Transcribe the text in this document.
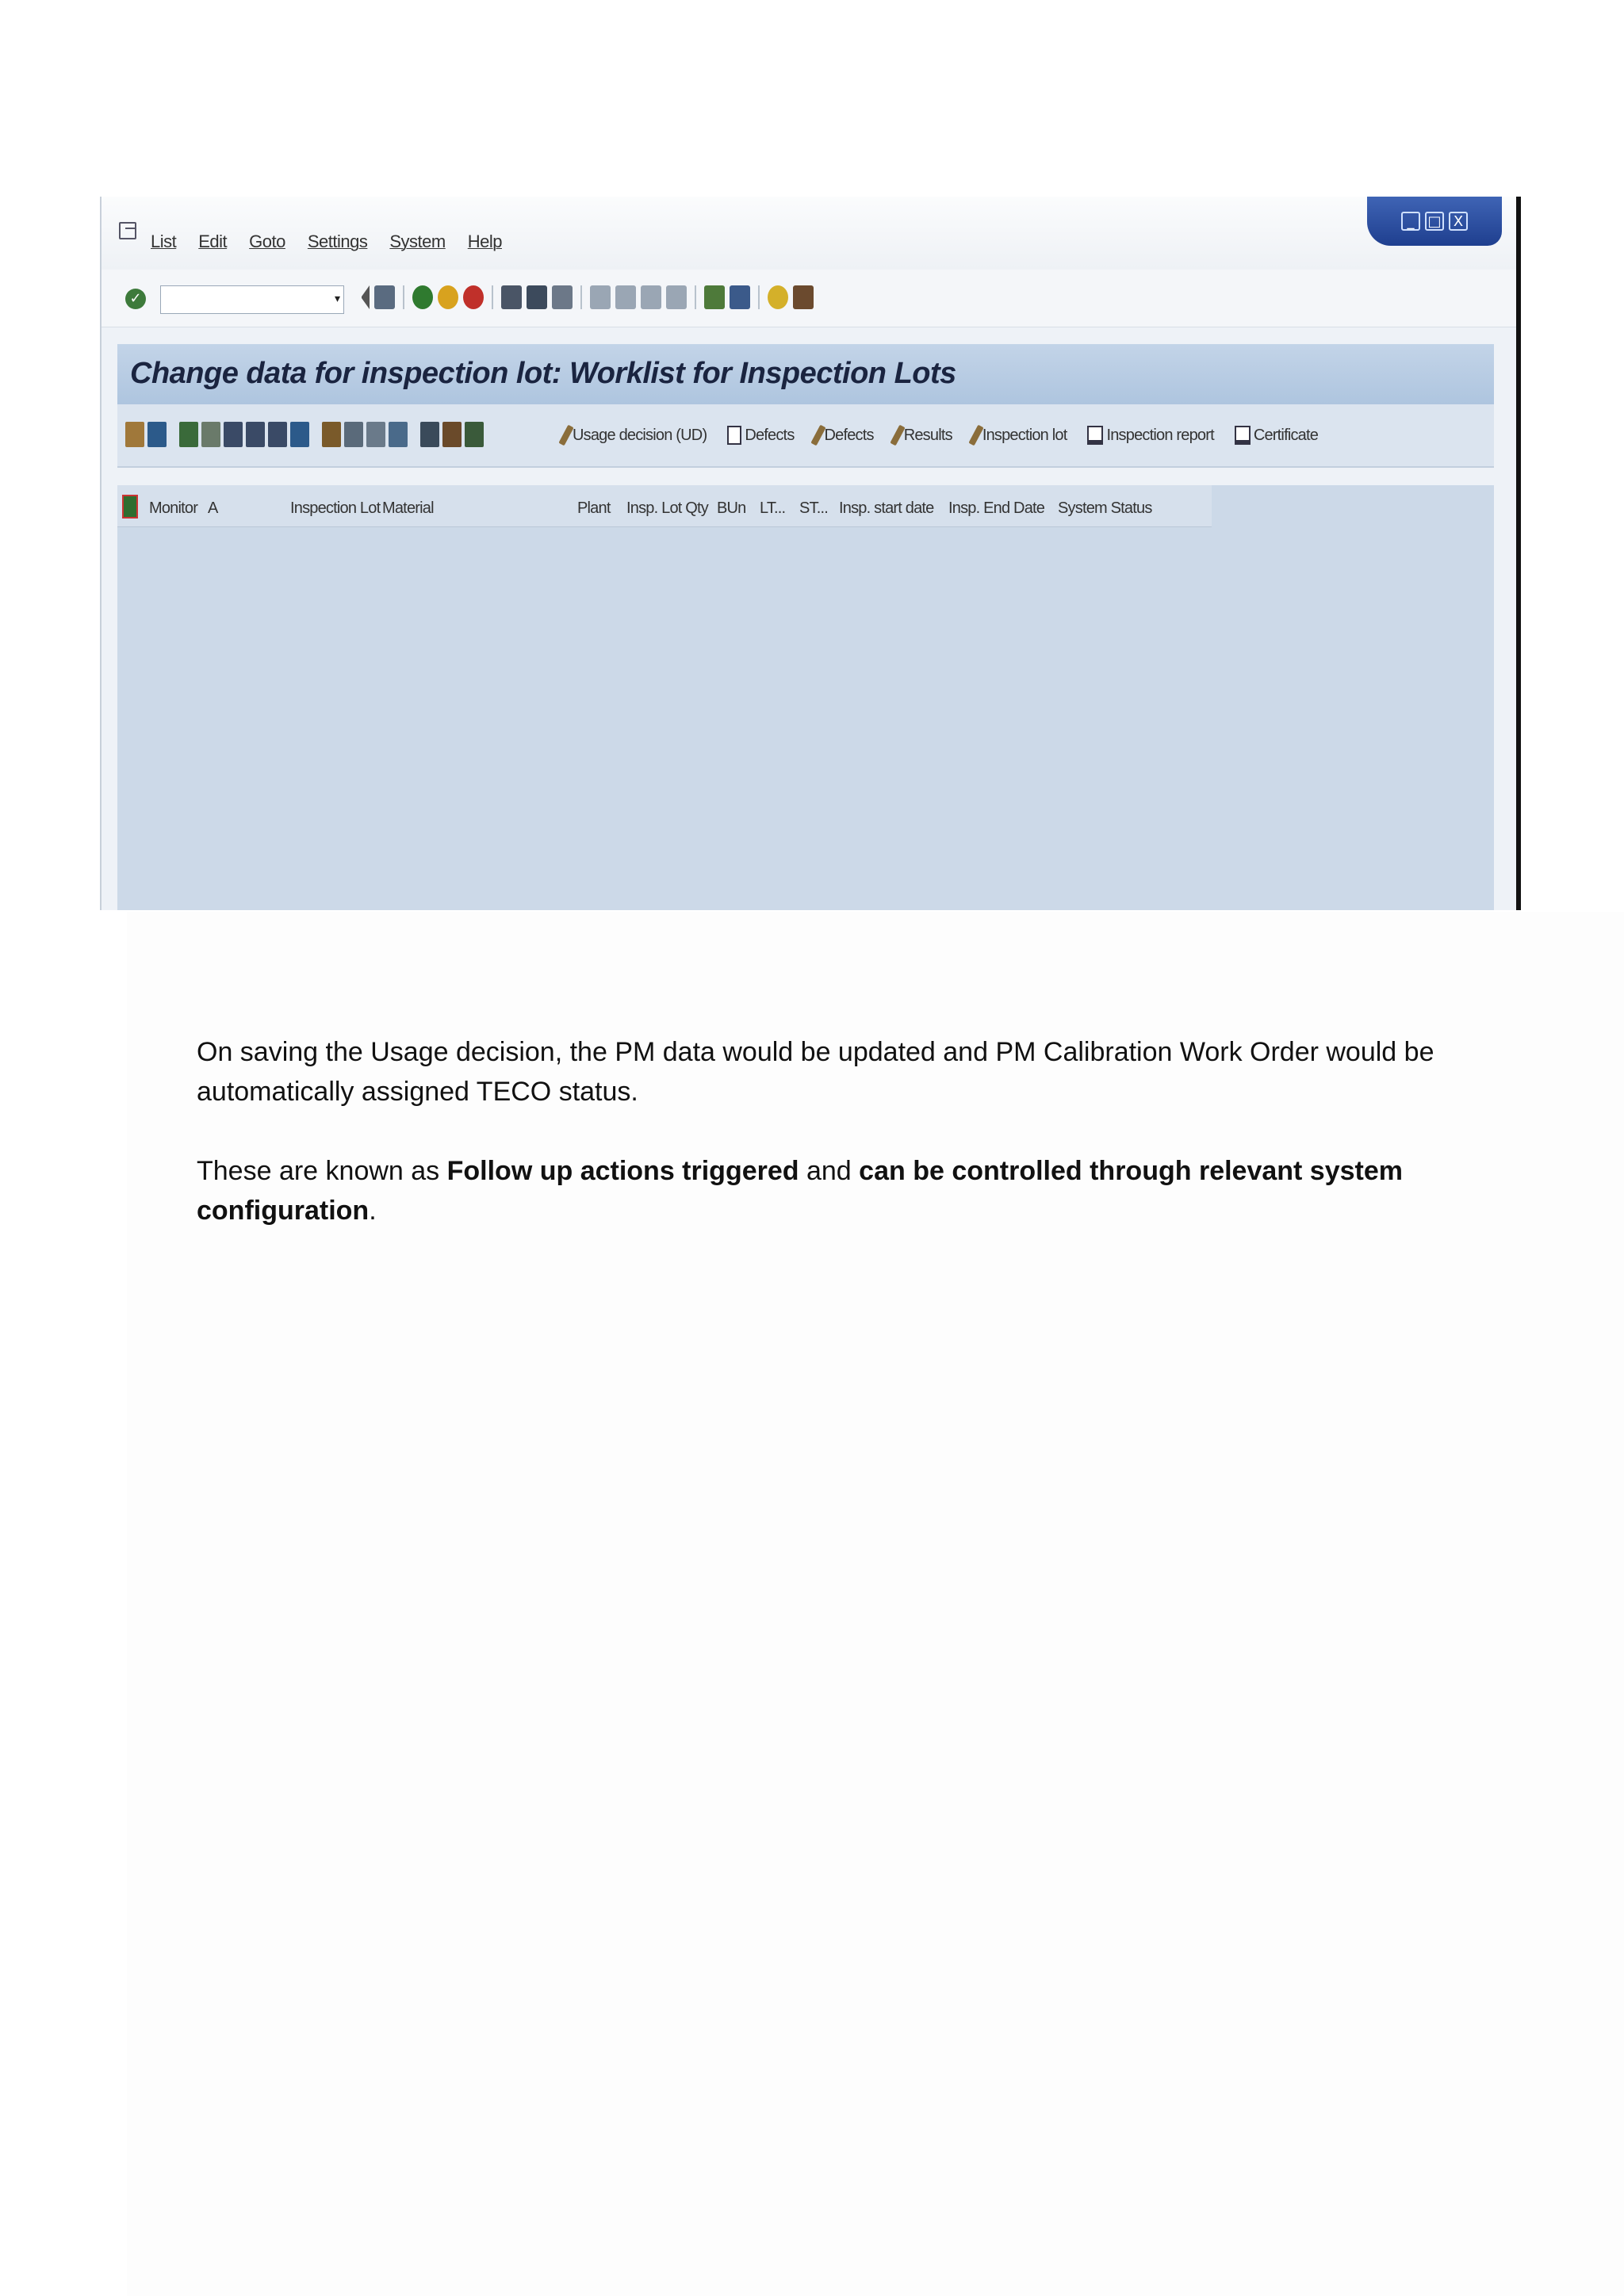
List Edit Goto Settings System Help
_ □ X
✓	▾
Change data for inspection lot: Worklist for Inspection Lots
Usage decision (UD) Defects Defects Results Inspection lot	Inspection report	Certificate
Monitor A	Inspection Lot Material	Plant Insp. Lot Qty BUn LT... ST... Insp. start date Insp. End Date System Status
On saving the Usage decision, the PM data would be updated and PM Calibration Work Order would be automatically assigned TECO status.
These are known as Follow up actions triggered and can be controlled through relevant system configuration.
